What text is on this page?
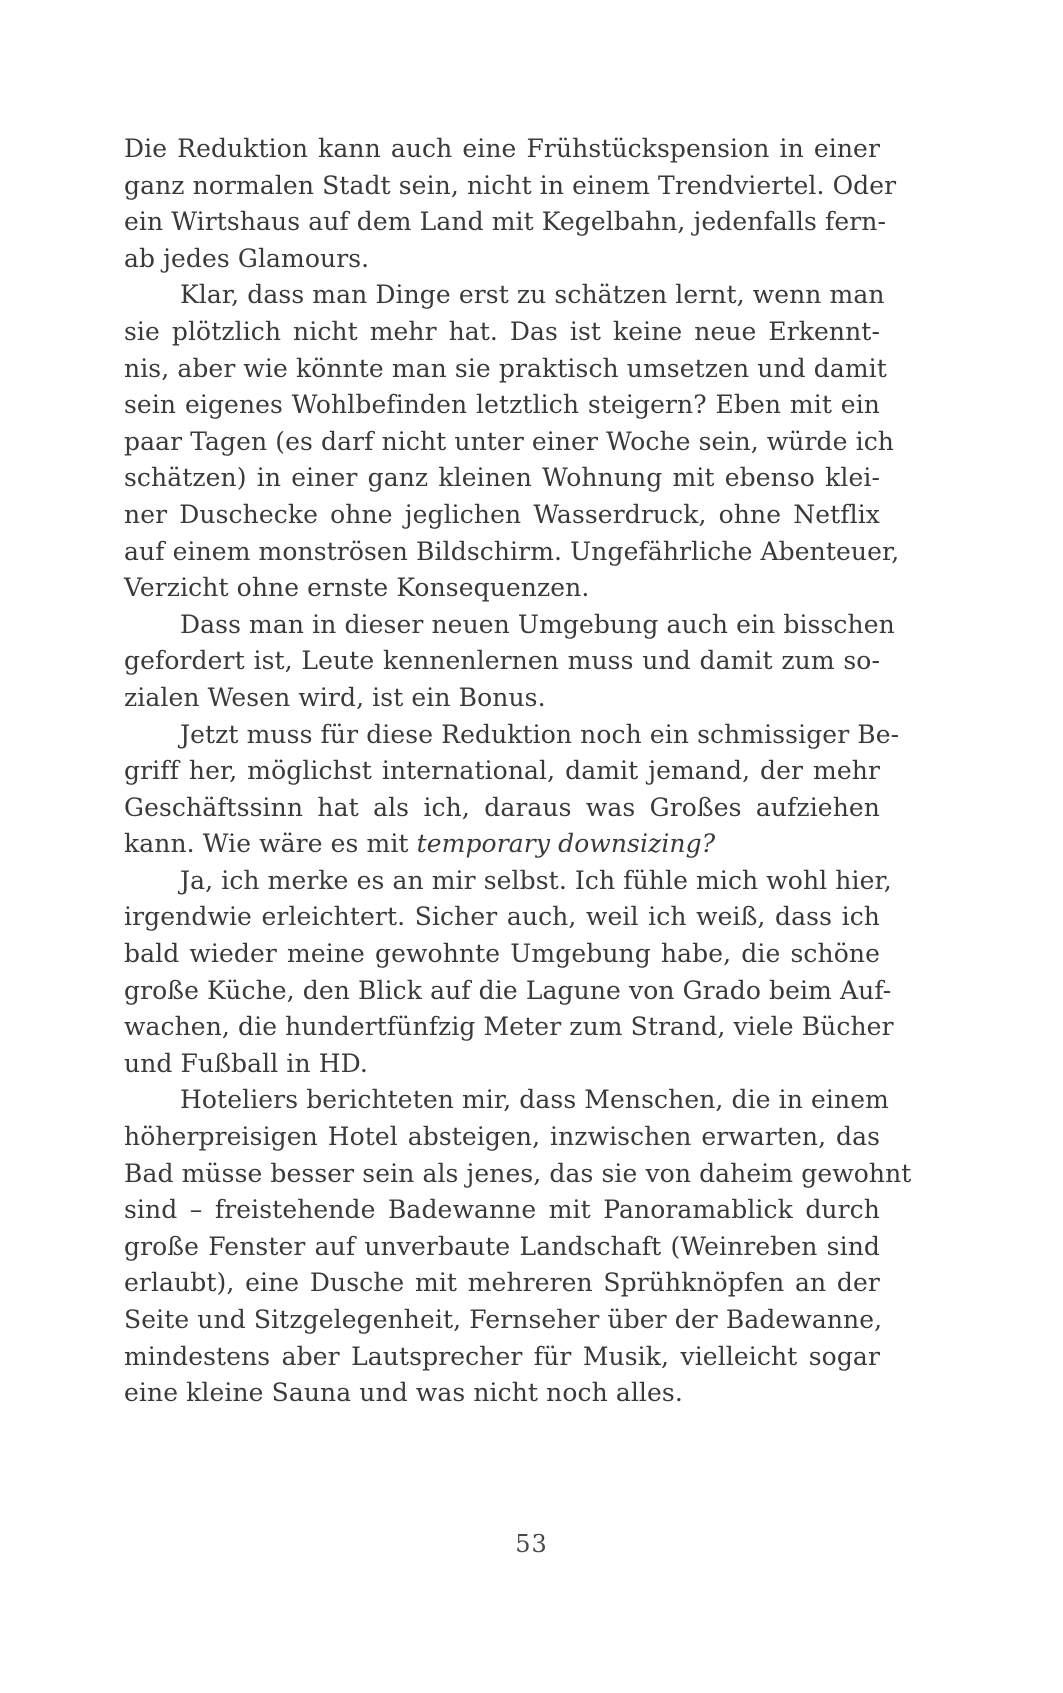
Die Reduktion kann auch eine Frühstückspension in einer
ganz normalen Stadt sein, nicht in einem Trendviertel. Oder
ein Wirtshaus auf dem Land mit Kegelbahn, jedenfalls fern-
ab jedes Glamours.
Klar, dass man Dinge erst zu schätzen lernt, wenn man
sie plötzlich nicht mehr hat. Das ist keine neue Erkennt-
nis, aber wie könnte man sie praktisch umsetzen und damit
sein eigenes Wohlbefinden letztlich steigern? Eben mit ein
paar Tagen (es darf nicht unter einer Woche sein, würde ich
schätzen) in einer ganz kleinen Wohnung mit ebenso klei-
ner Duschecke ohne jeglichen Wasserdruck, ohne Netflix
auf einem monströsen Bildschirm. Ungefährliche Abenteuer,
Verzicht ohne ernste Konsequenzen.
Dass man in dieser neuen Umgebung auch ein bisschen
gefordert ist, Leute kennenlernen muss und damit zum so-
zialen Wesen wird, ist ein Bonus.
Jetzt muss für diese Reduktion noch ein schmissiger Be-
griff her, möglichst international, damit jemand, der mehr
Geschäftssinn hat als ich, daraus was Großes aufziehen
kann. Wie wäre es mit temporary downsizing?
Ja, ich merke es an mir selbst. Ich fühle mich wohl hier,
irgendwie erleichtert. Sicher auch, weil ich weiß, dass ich
bald wieder meine gewohnte Umgebung habe, die schöne
große Küche, den Blick auf die Lagune von Grado beim Auf-
wachen, die hundertfünfzig Meter zum Strand, viele Bücher
und Fußball in HD.
Hoteliers berichteten mir, dass Menschen, die in einem
höherpreisigen Hotel absteigen, inzwischen erwarten, das
Bad müsse besser sein als jenes, das sie von daheim gewohnt
sind – freistehende Badewanne mit Panoramablick durch
große Fenster auf unverbaute Landschaft (Weinreben sind
erlaubt), eine Dusche mit mehreren Sprühknöpfen an der
Seite und Sitzgelegenheit, Fernseher über der Badewanne,
mindestens aber Lautsprecher für Musik, vielleicht sogar
eine kleine Sauna und was nicht noch alles.
53
